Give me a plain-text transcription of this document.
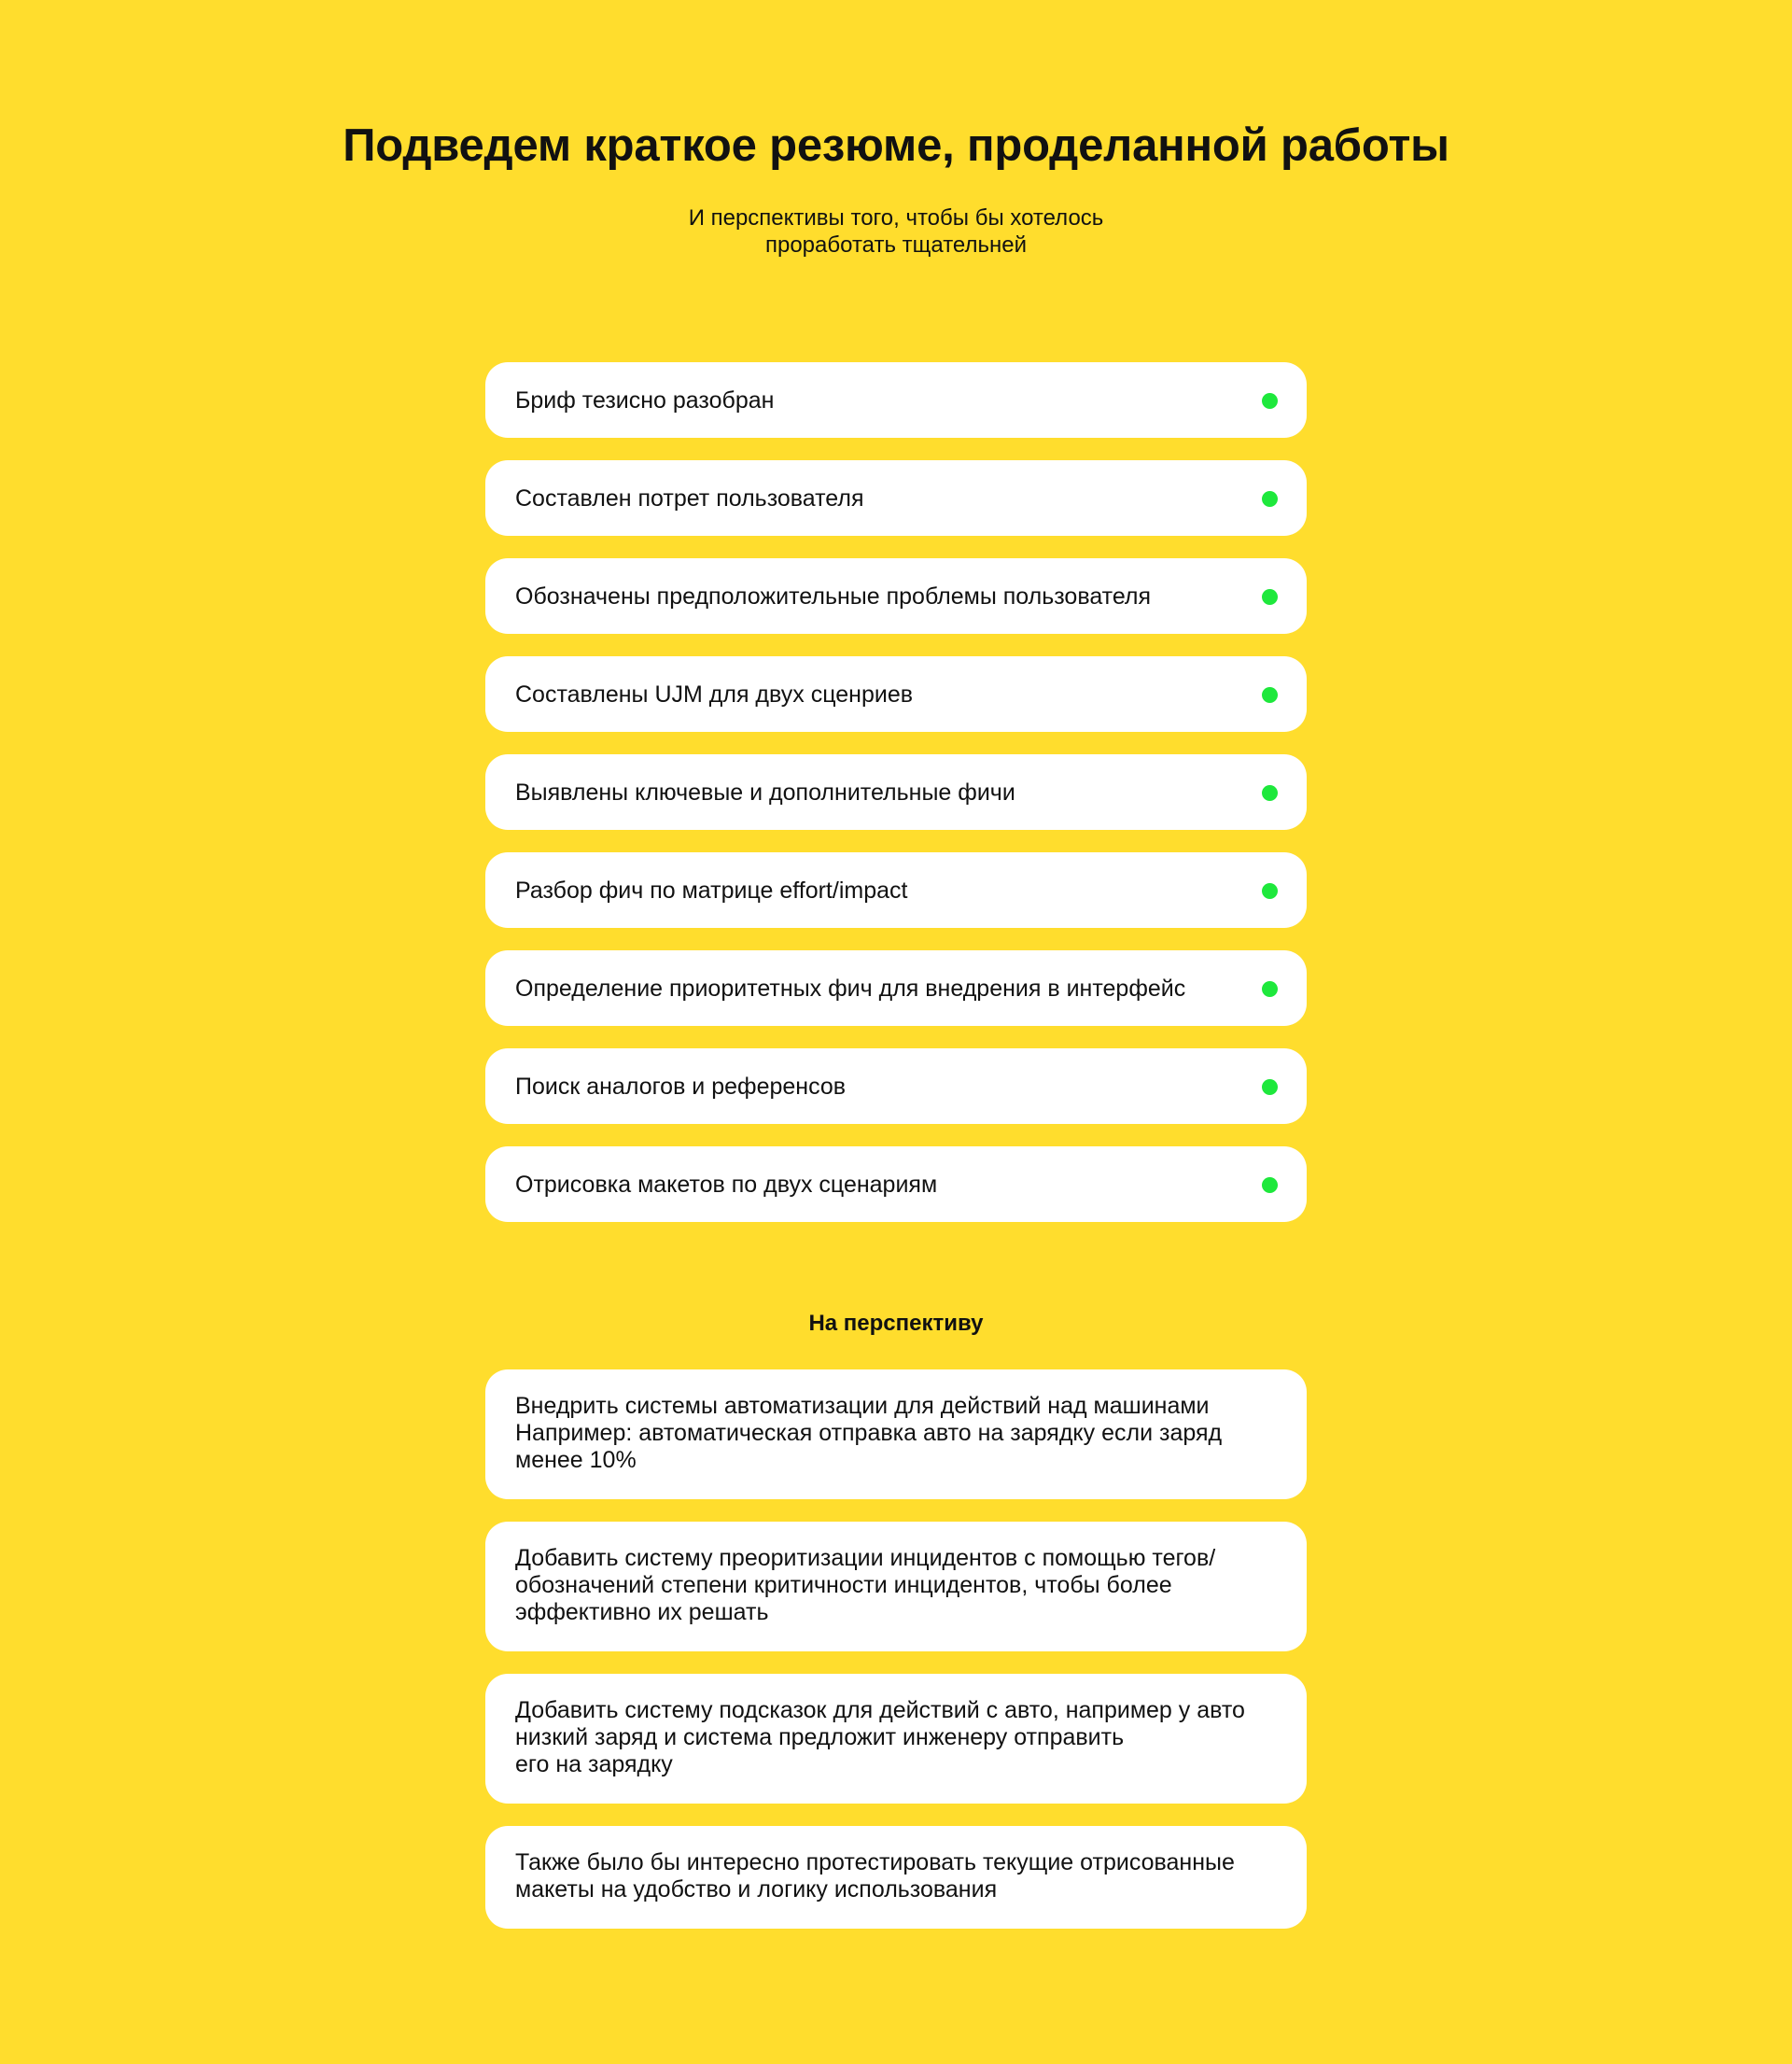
Подведем краткое резюме, проделанной работы

И перспективы того, чтобы бы хотелось
проработать тщательней

Бриф тезисно разобран
Составлен потрет пользователя
Обозначены предположительные проблемы пользователя
Составлены UJM для двух сценриев
Выявлены ключевые и дополнительные фичи
Разбор фич по матрице effort/impact
Определение приоритетных фич для внедрения в интерфейс
Поиск аналогов и референсов
Отрисовка макетов по двух сценариям
На перспективу
Внедрить системы автоматизации для действий над машинами
Например: автоматическая отправка авто на зарядку если заряд
менее 10%
Добавить систему преоритизации инцидентов с помощью тегов/
обозначений степени критичности инцидентов, чтобы более
эффективно их решать
Добавить систему подсказок для действий с авто, например у авто
низкий заряд и система предложит инженеру отправить
его на зарядку
Также было бы интересно протестировать текущие отрисованные
макеты на удобство и логику использования
